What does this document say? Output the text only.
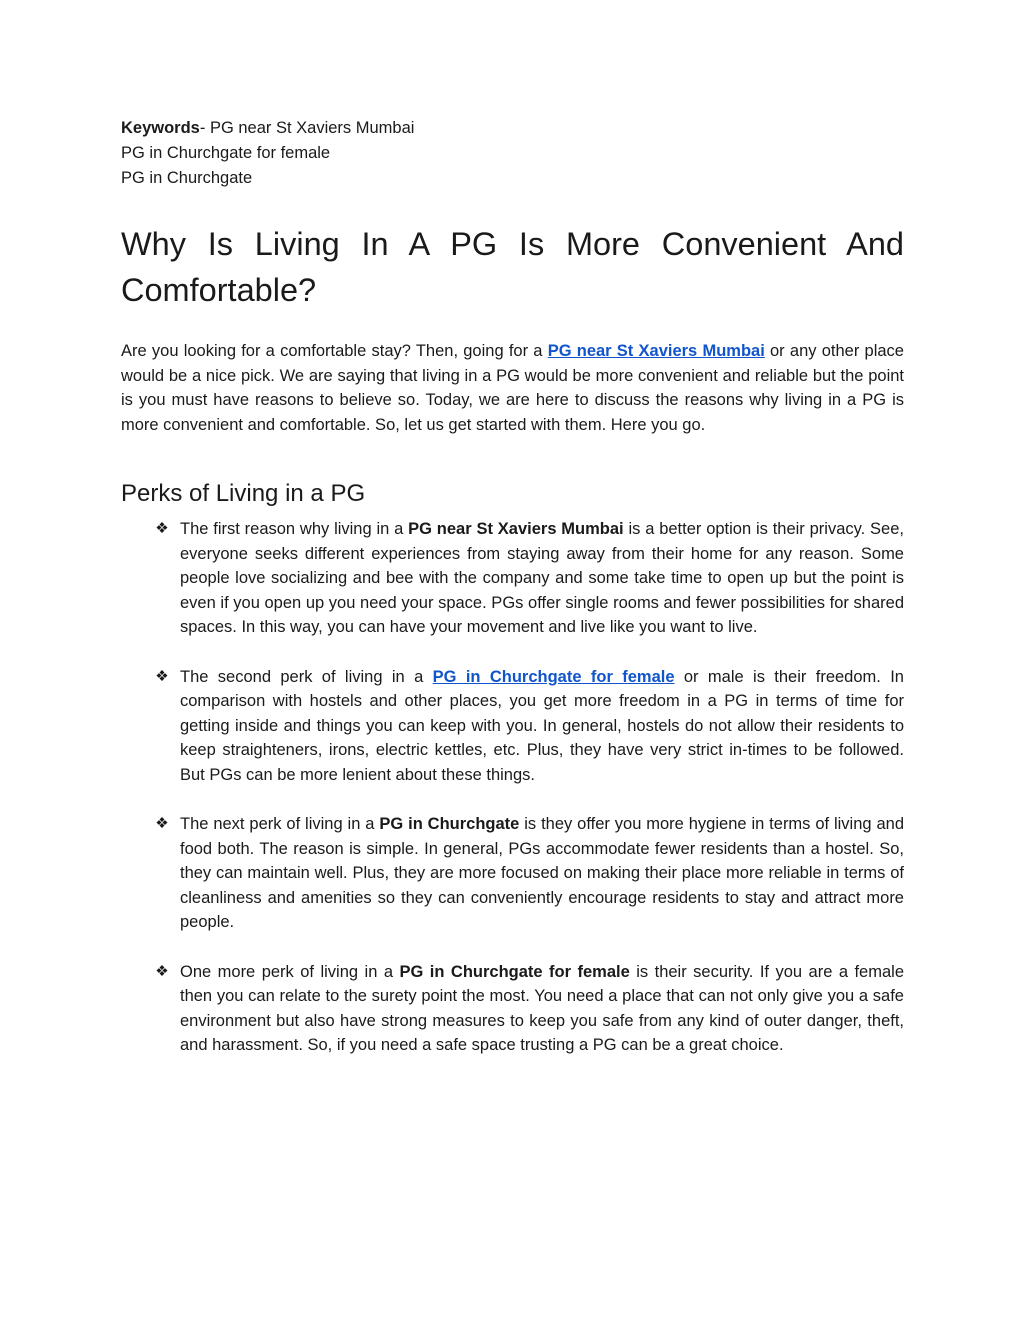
Keywords- PG near St Xaviers Mumbai

PG in Churchgate for female

PG in Churchgate

Why Is Living In A PG Is More Convenient And Comfortable?

Are you looking for a comfortable stay? Then, going for a PG near St Xaviers Mumbai or any other place would be a nice pick. We are saying that living in a PG would be more convenient and reliable but the point is you must have reasons to believe so. Today, we are here to discuss the reasons why living in a PG is more convenient and comfortable. So, let us get started with them. Here you go.

Perks of Living in a PG
❖ The first reason why living in a PG near St Xaviers Mumbai is a better option is their privacy. See, everyone seeks different experiences from staying away from their home for any reason. Some people love socializing and bee with the company and some take time to open up but the point is even if you open up you need your space. PGs offer single rooms and fewer possibilities for shared spaces. In this way, you can have your movement and live like you want to live.
❖ The second perk of living in a PG in Churchgate for female or male is their freedom. In comparison with hostels and other places, you get more freedom in a PG in terms of time for getting inside and things you can keep with you. In general, hostels do not allow their residents to keep straighteners, irons, electric kettles, etc. Plus, they have very strict in-times to be followed. But PGs can be more lenient about these things.
❖ The next perk of living in a PG in Churchgate is they offer you more hygiene in terms of living and food both. The reason is simple. In general, PGs accommodate fewer residents than a hostel. So, they can maintain well. Plus, they are more focused on making their place more reliable in terms of cleanliness and amenities so they can conveniently encourage residents to stay and attract more people.
❖ One more perk of living in a PG in Churchgate for female is their security. If you are a female then you can relate to the surety point the most. You need a place that can not only give you a safe environment but also have strong measures to keep you safe from any kind of outer danger, theft, and harassment. So, if you need a safe space trusting a PG can be a great choice.
